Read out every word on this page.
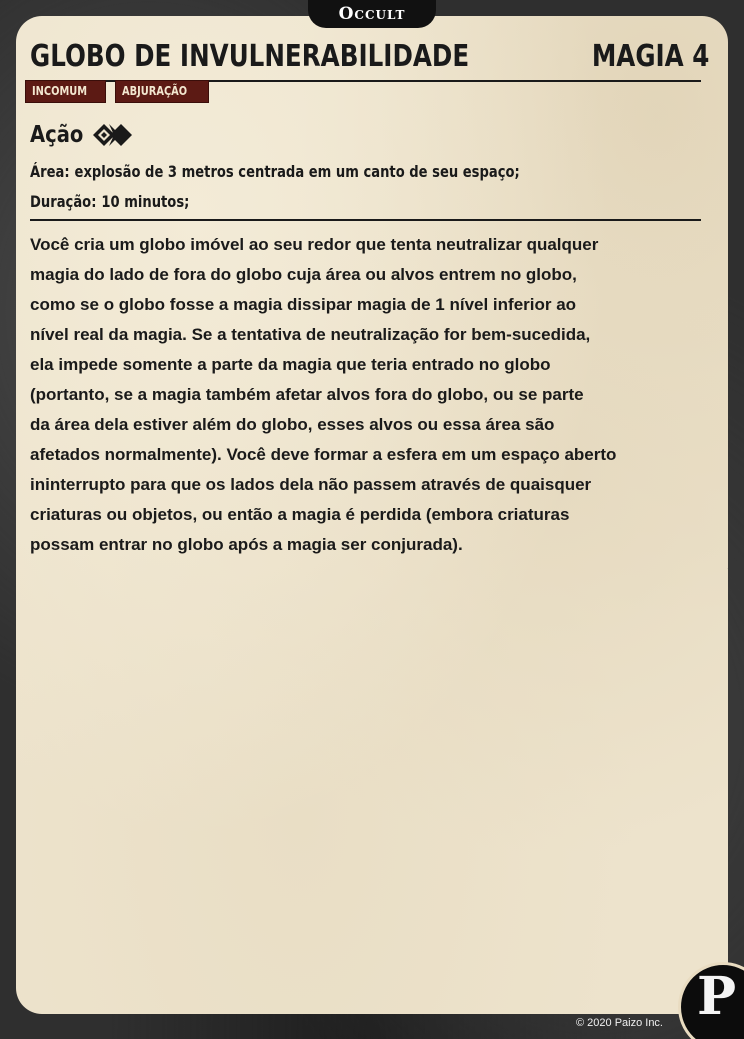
Occult
GLOBO DE INVULNERABILIDADE	MAGIA 4
INCOMUM	ABJURAÇÃO
Ação
Área: explosão de 3 metros centrada em um canto de seu espaço;
Duração: 10 minutos;
Você cria um globo imóvel ao seu redor que tenta neutralizar qualquer
magia do lado de fora do globo cuja área ou alvos entrem no globo,
como se o globo fosse a magia dissipar magia de 1 nível inferior ao
nível real da magia. Se a tentativa de neutralização for bem-sucedida,
ela impede somente a parte da magia que teria entrado no globo
(portanto, se a magia também afetar alvos fora do globo, ou se parte
da área dela estiver além do globo, esses alvos ou essa área são
afetados normalmente). Você deve formar a esfera em um espaço aberto
ininterrupto para que os lados dela não passem através de quaisquer
criaturas ou objetos, ou então a magia é perdida (embora criaturas
possam entrar no globo após a magia ser conjurada).
© 2020 Paizo Inc. P
